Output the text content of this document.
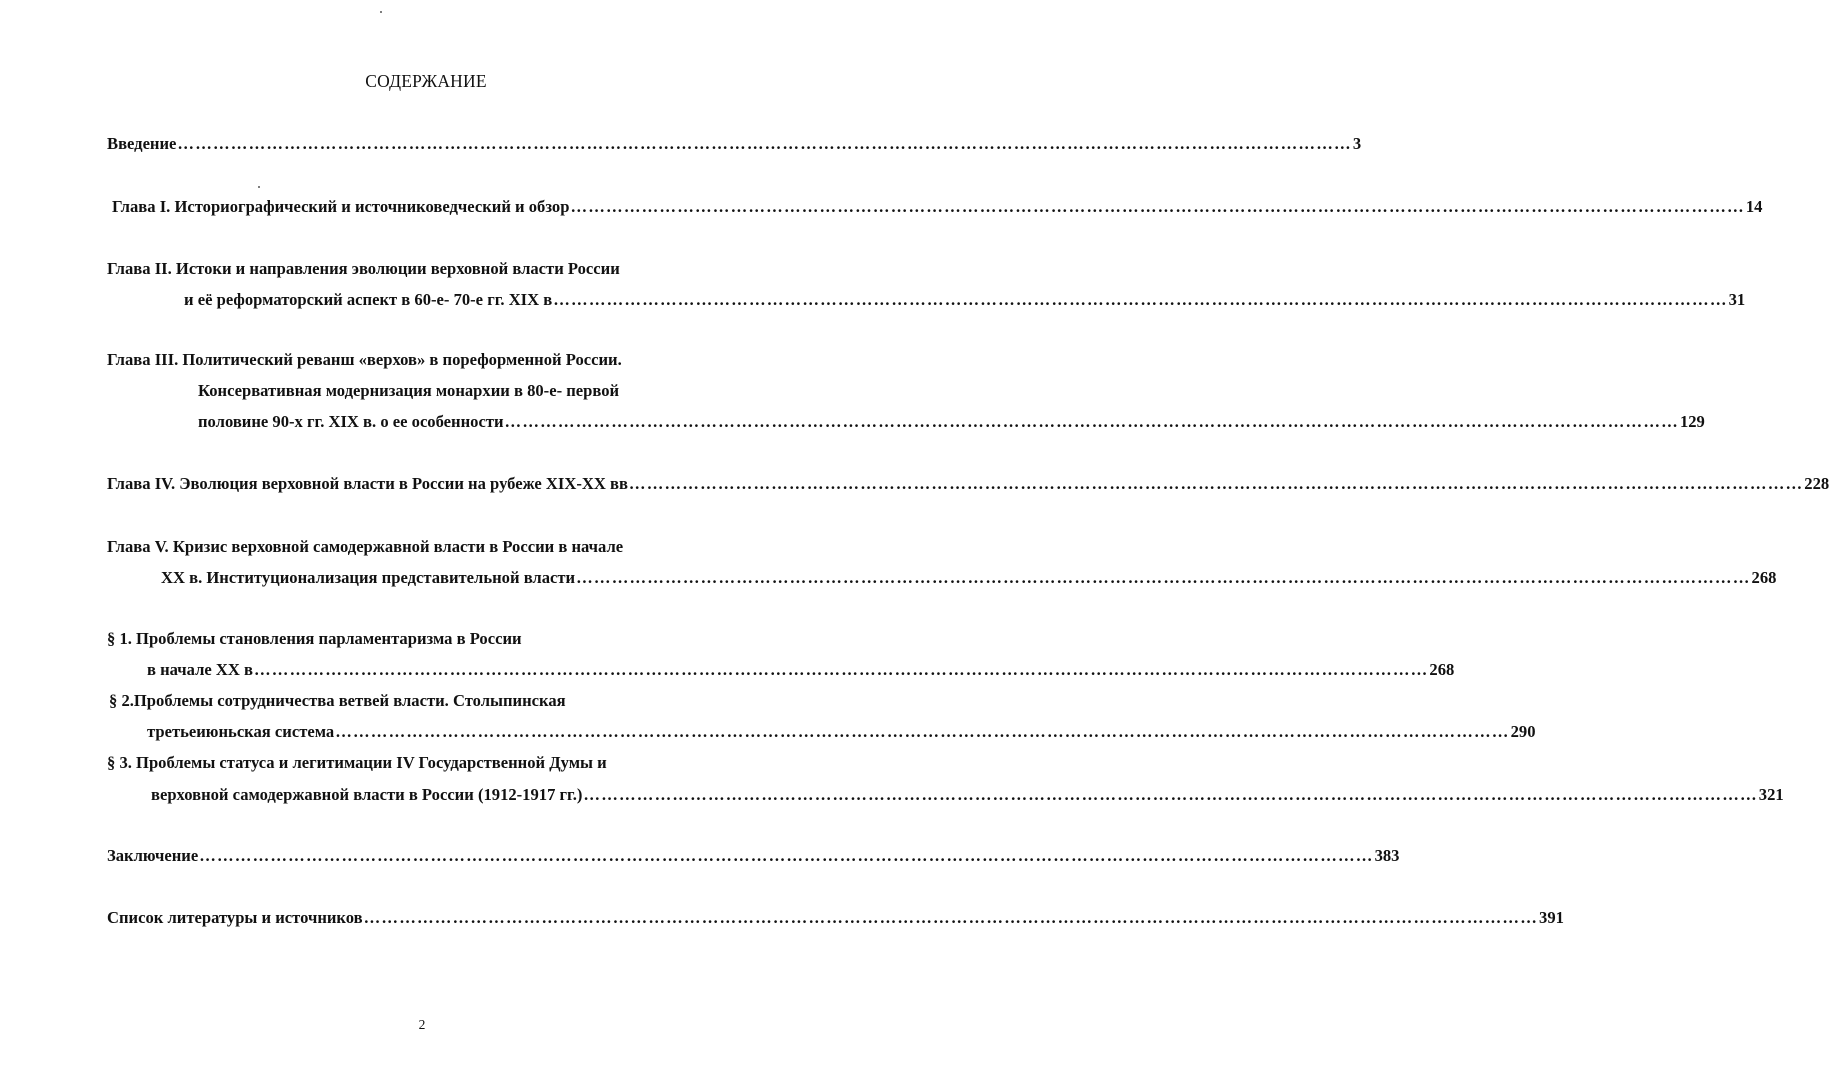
СОДЕРЖАНИЕ
Введение ……………………………………………………………………………………………………………………………………………………………………………… 3
Глава I. Историографический и источниковедческий и обзор ……………………………………………………………………………………………………………………………………………………………………………… 14
Глава II. Истоки и направления эволюции верховной власти России
и её реформаторский аспект в 60-е- 70-е гг. XIX в ……………………………………………………………………………………………………………………………………………………………………………… 31
Глава III. Политический реванш «верхов» в пореформенной России.
Консервативная модернизация монархии в 80-е- первой
половине 90-х гг. XIX в. о ее особенности ……………………………………………………………………………………………………………………………………………………………………………… 129
Глава IV. Эволюция верховной власти в России на рубеже XIX-XX вв ……………………………………………………………………………………………………………………………………………………………………………… 228
Глава V. Кризис верховной самодержавной власти в России в начале
XX в. Институционализация представительной власти ……………………………………………………………………………………………………………………………………………………………………………… 268
§ 1. Проблемы становления парламентаризма в России
в начале XX в ……………………………………………………………………………………………………………………………………………………………………………… 268
§ 2.Проблемы сотрудничества ветвей власти. Столыпинская
третьеиюньская система ……………………………………………………………………………………………………………………………………………………………………………… 290
§ 3. Проблемы статуса и легитимации IV Государственной Думы и
верховной самодержавной власти в России (1912-1917 гг.) ……………………………………………………………………………………………………………………………………………………………………………… 321
Заключение ……………………………………………………………………………………………………………………………………………………………………………… 383
Список литературы и источников ……………………………………………………………………………………………………………………………………………………………………………… 391
2
